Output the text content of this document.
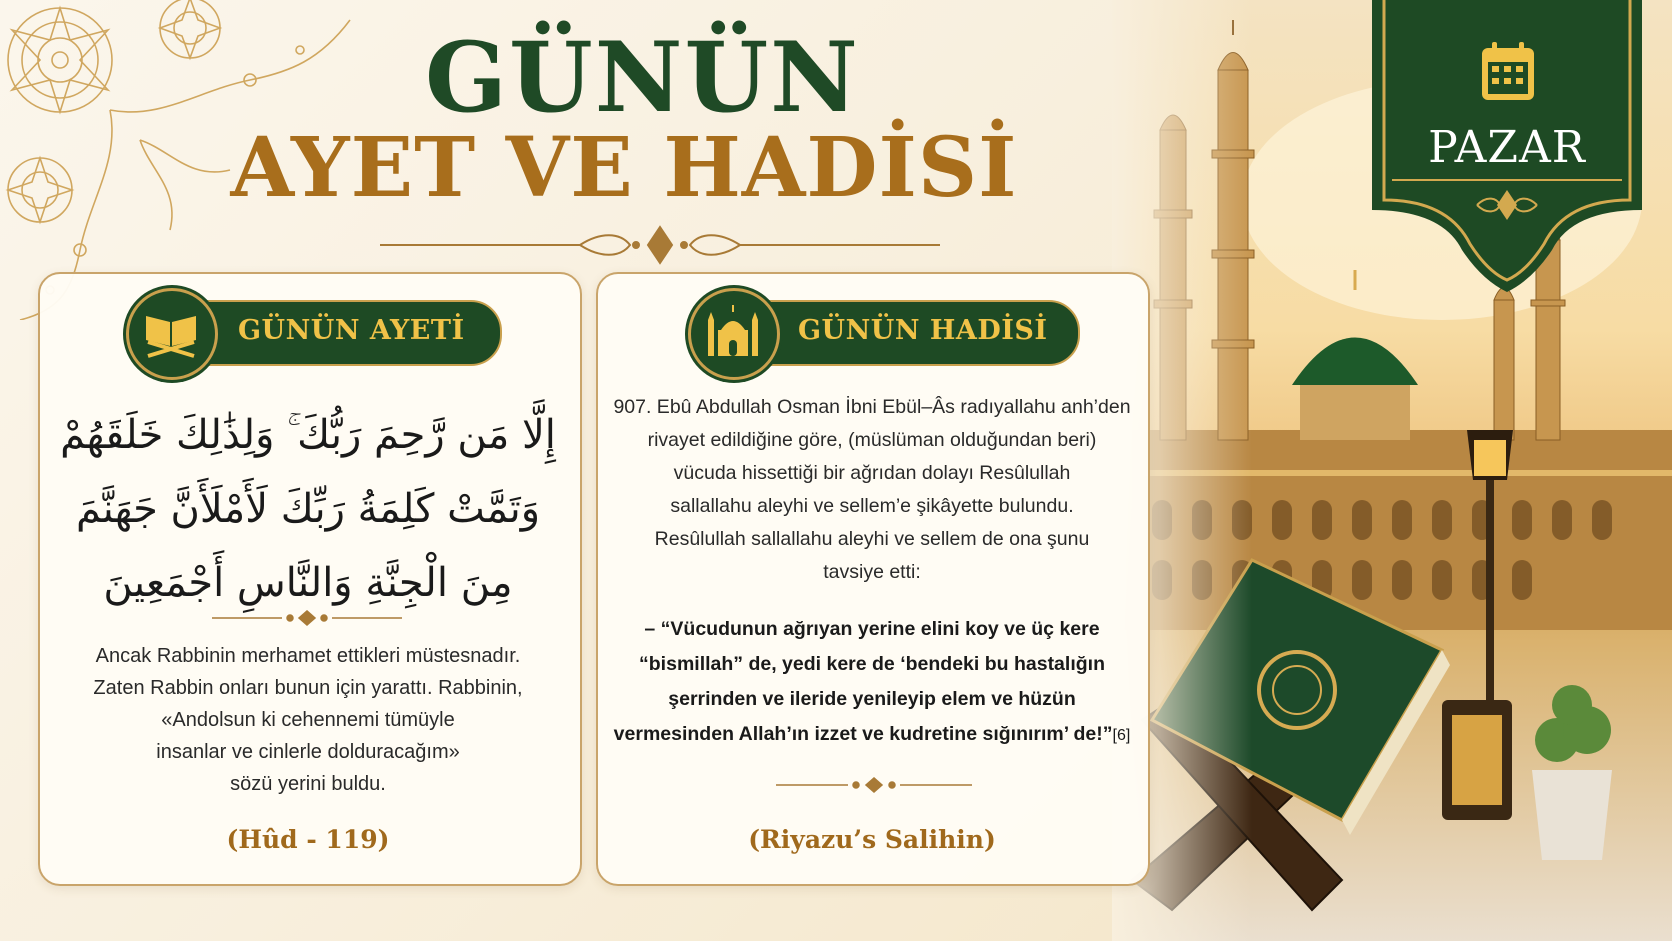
GÜNÜN
AYET VE HADİSİ	PAZAR
GÜNÜN AYETİ
إِلَّا مَن رَّحِمَ رَبُّكَ ۚ وَلِذَٰلِكَ خَلَقَهُمْ
وَتَمَّتْ كَلِمَةُ رَبِّكَ لَأَمْلَأَنَّ جَهَنَّمَ
مِنَ الْجِنَّةِ وَالنَّاسِ أَجْمَعِينَ
Ancak Rabbinin merhamet ettikleri müstesnadır.
Zaten Rabbin onları bunun için yarattı. Rabbinin,
«Andolsun ki cehennemi tümüyle
insanlar ve cinlerle dolduracağım»
sözü yerini buldu.
(Hûd - 119)
GÜNÜN HADİSİ
907. Ebû Abdullah Osman İbni Ebül–Âs radıyallahu anh’den
rivayet edildiğine göre, (müslüman olduğundan beri)
vücuda hissettiği bir ağrıdan dolayı Resûlullah
sallallahu aleyhi ve sellem’e şikâyette bulundu.
Resûlullah sallallahu aleyhi ve sellem de ona şunu
tavsiye etti:
– “Vücudunun ağrıyan yerine elini koy ve üç kere
“bismillah” de, yedi kere de ‘bendeki bu hastalığın
şerrinden ve ileride yenileyip elem ve hüzün
vermesinden Allah’ın izzet ve kudretine sığınırım’ de!”[6]
(Riyazu’s Salihin)
